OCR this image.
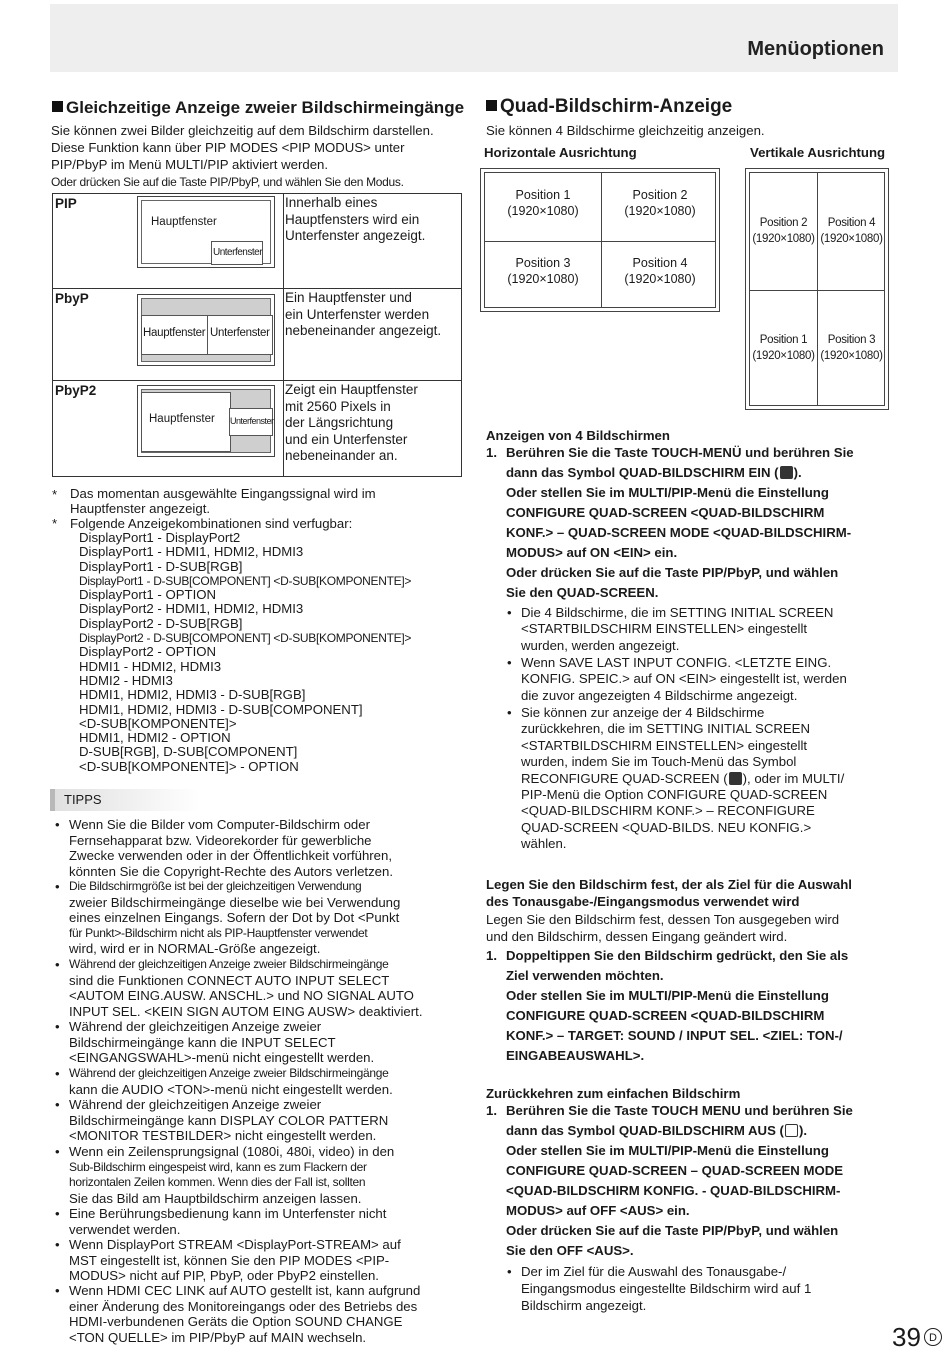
Menüoptionen
Gleichzeitige Anzeige zweier Bildschirmeingänge
Sie können zwei Bilder gleichzeitig auf dem Bildschirm darstellen.
Diese Funktion kann über PIP MODES <PIP MODUS> unter
PIP/PbyP im Menü MULTI/PIP aktiviert werden.
Oder drücken Sie auf die Taste PIP/PbyP, und wählen Sie den Modus.
PIP
Hauptfenster
Unterfenster
Innerhalb eines
Hauptfensters wird ein
Unterfenster angezeigt.
PbyP
Hauptfenster Unterfenster
Ein Hauptfenster und
ein Unterfenster werden
nebeneinander angezeigt.
PbyP2
Hauptfenster Unterfenster
Zeigt ein Hauptfenster
mit 2560 Pixels in
der Längsrichtung
und ein Unterfenster
nebeneinander an.
* Das momentan ausgewählte Eingangssignal wird im
Hauptfenster angezeigt.
* Folgende Anzeigekombinationen sind verfugbar:
DisplayPort1 - DisplayPort2
DisplayPort1 - HDMI1, HDMI2, HDMI3
DisplayPort1 - D-SUB[RGB]
DisplayPort1 - D-SUB[COMPONENT] <D-SUB[KOMPONENTE]>
DisplayPort1 - OPTION
DisplayPort2 - HDMI1, HDMI2, HDMI3
DisplayPort2 - D-SUB[RGB]
DisplayPort2 - D-SUB[COMPONENT] <D-SUB[KOMPONENTE]>
DisplayPort2 - OPTION
HDMI1 - HDMI2, HDMI3
HDMI2 - HDMI3
HDMI1, HDMI2, HDMI3 - D-SUB[RGB]
HDMI1, HDMI2, HDMI3 - D-SUB[COMPONENT]
<D-SUB[KOMPONENTE]>
HDMI1, HDMI2 - OPTION
D-SUB[RGB], D-SUB[COMPONENT]
<D-SUB[KOMPONENTE]> - OPTION
TIPPS
• Wenn Sie die Bilder vom Computer-Bildschirm oder
Fernsehapparat bzw. Videorekorder für gewerbliche
Zwecke verwenden oder in der Öffentlichkeit vorführen,
könnten Sie die Copyright-Rechte des Autors verletzen.
• Die Bildschirmgröße ist bei der gleichzeitigen Verwendung
zweier Bildschirmeingänge dieselbe wie bei Verwendung
eines einzelnen Eingangs. Sofern der Dot by Dot <Punkt
für Punkt>-Bildschirm nicht als PIP-Hauptfenster verwendet
wird, wird er in NORMAL-Größe angezeigt.
• Während der gleichzeitigen Anzeige zweier Bildschirmeingänge
sind die Funktionen CONNECT AUTO INPUT SELECT
<AUTOM EING.AUSW. ANSCHL.> und NO SIGNAL AUTO
INPUT SEL. <KEIN SIGN AUTOM EING AUSW> deaktiviert.
• Während der gleichzeitigen Anzeige zweier
Bildschirmeingänge kann die INPUT SELECT
<EINGANGSWAHL>-menü nicht eingestellt werden.
• Während der gleichzeitigen Anzeige zweier Bildschirmeingänge
kann die AUDIO <TON>-menü nicht eingestellt werden.
• Während der gleichzeitigen Anzeige zweier
Bildschirmeingänge kann DISPLAY COLOR PATTERN
<MONITOR TESTBILDER> nicht eingestellt werden.
• Wenn ein Zeilensprungsignal (1080i, 480i, video) in den
Sub-Bildschirm eingespeist wird, kann es zum Flackern der
horizontalen Zeilen kommen. Wenn dies der Fall ist, sollten
Sie das Bild am Hauptbildschirm anzeigen lassen.
• Eine Berührungsbedienung kann im Unterfenster nicht
verwendet werden.
• Wenn DisplayPort STREAM <DisplayPort-STREAM> auf
MST eingestellt ist, können Sie den PIP MODES <PIP-
MODUS> nicht auf PIP, PbyP, oder PbyP2 einstellen.
• Wenn HDMI CEC LINK auf AUTO gestellt ist, kann aufgrund
einer Änderung des Monitoreingangs oder des Betriebs des
HDMI-verbundenen Geräts die Option SOUND CHANGE
<TON QUELLE> im PIP/PbyP auf MAIN wechseln.
Quad-Bildschirm-Anzeige
Sie können 4 Bildschirme gleichzeitig anzeigen.
Horizontale Ausrichtung	Vertikale Ausrichtung
Position 1
(1920×1080)
Position 2
(1920×1080)
Position 3
(1920×1080)
Position 4
(1920×1080)
Position 2
(1920×1080)
Position 4
(1920×1080)
Position 1
(1920×1080)
Position 3
(1920×1080)
Anzeigen von 4 Bildschirmen
1. Berühren Sie die Taste TOUCH-MENÜ und berühren Sie
dann das Symbol QUAD-BILDSCHIRM EIN ( ).
Oder stellen Sie im MULTI/PIP-Menü die Einstellung
CONFIGURE QUAD-SCREEN <QUAD-BILDSCHIRM
KONF.> – QUAD-SCREEN MODE <QUAD-BILDSCHIRM-
MODUS> auf ON <EIN> ein.
Oder drücken Sie auf die Taste PIP/PbyP, und wählen
Sie den QUAD-SCREEN.
• Die 4 Bildschirme, die im SETTING INITIAL SCREEN
<STARTBILDSCHIRM EINSTELLEN> eingestellt
wurden, werden angezeigt.
• Wenn SAVE LAST INPUT CONFIG. <LETZTE EING.
KONFIG. SPEIC.> auf ON <EIN> eingestellt ist, werden
die zuvor angezeigten 4 Bildschirme angezeigt.
• Sie können zur anzeige der 4 Bildschirme
zurückkehren, die im SETTING INITIAL SCREEN
<STARTBILDSCHIRM EINSTELLEN> eingestellt
wurden, indem Sie im Touch-Menü das Symbol
RECONFIGURE QUAD-SCREEN ( ), oder im MULTI/
PIP-Menü die Option CONFIGURE QUAD-SCREEN
<QUAD-BILDSCHIRM KONF.> – RECONFIGURE
QUAD-SCREEN <QUAD-BILDS. NEU KONFIG.>
wählen.
Legen Sie den Bildschirm fest, der als Ziel für die Auswahl
des Tonausgabe-/Eingangsmodus verwendet wird
Legen Sie den Bildschirm fest, dessen Ton ausgegeben wird
und den Bildschirm, dessen Eingang geändert wird.
1. Doppeltippen Sie den Bildschirm gedrückt, den Sie als
Ziel verwenden möchten.
Oder stellen Sie im MULTI/PIP-Menü die Einstellung
CONFIGURE QUAD-SCREEN <QUAD-BILDSCHIRM
KONF.> – TARGET: SOUND / INPUT SEL. <ZIEL: TON-/
EINGABEAUSWAHL>.
Zurückkehren zum einfachen Bildschirm
1. Berühren Sie die Taste TOUCH MENU und berühren Sie
dann das Symbol QUAD-BILDSCHIRM AUS ( ).
Oder stellen Sie im MULTI/PIP-Menü die Einstellung
CONFIGURE QUAD-SCREEN – QUAD-SCREEN MODE
<QUAD-BILDSCHIRM KONFIG. - QUAD-BILDSCHIRM-
MODUS> auf OFF <AUS> ein.
Oder drücken Sie auf die Taste PIP/PbyP, und wählen
Sie den OFF <AUS>.
• Der im Ziel für die Auswahl des Tonausgabe-/
Eingangsmodus eingestellte Bildschirm wird auf 1
Bildschirm angezeigt.
39 D
